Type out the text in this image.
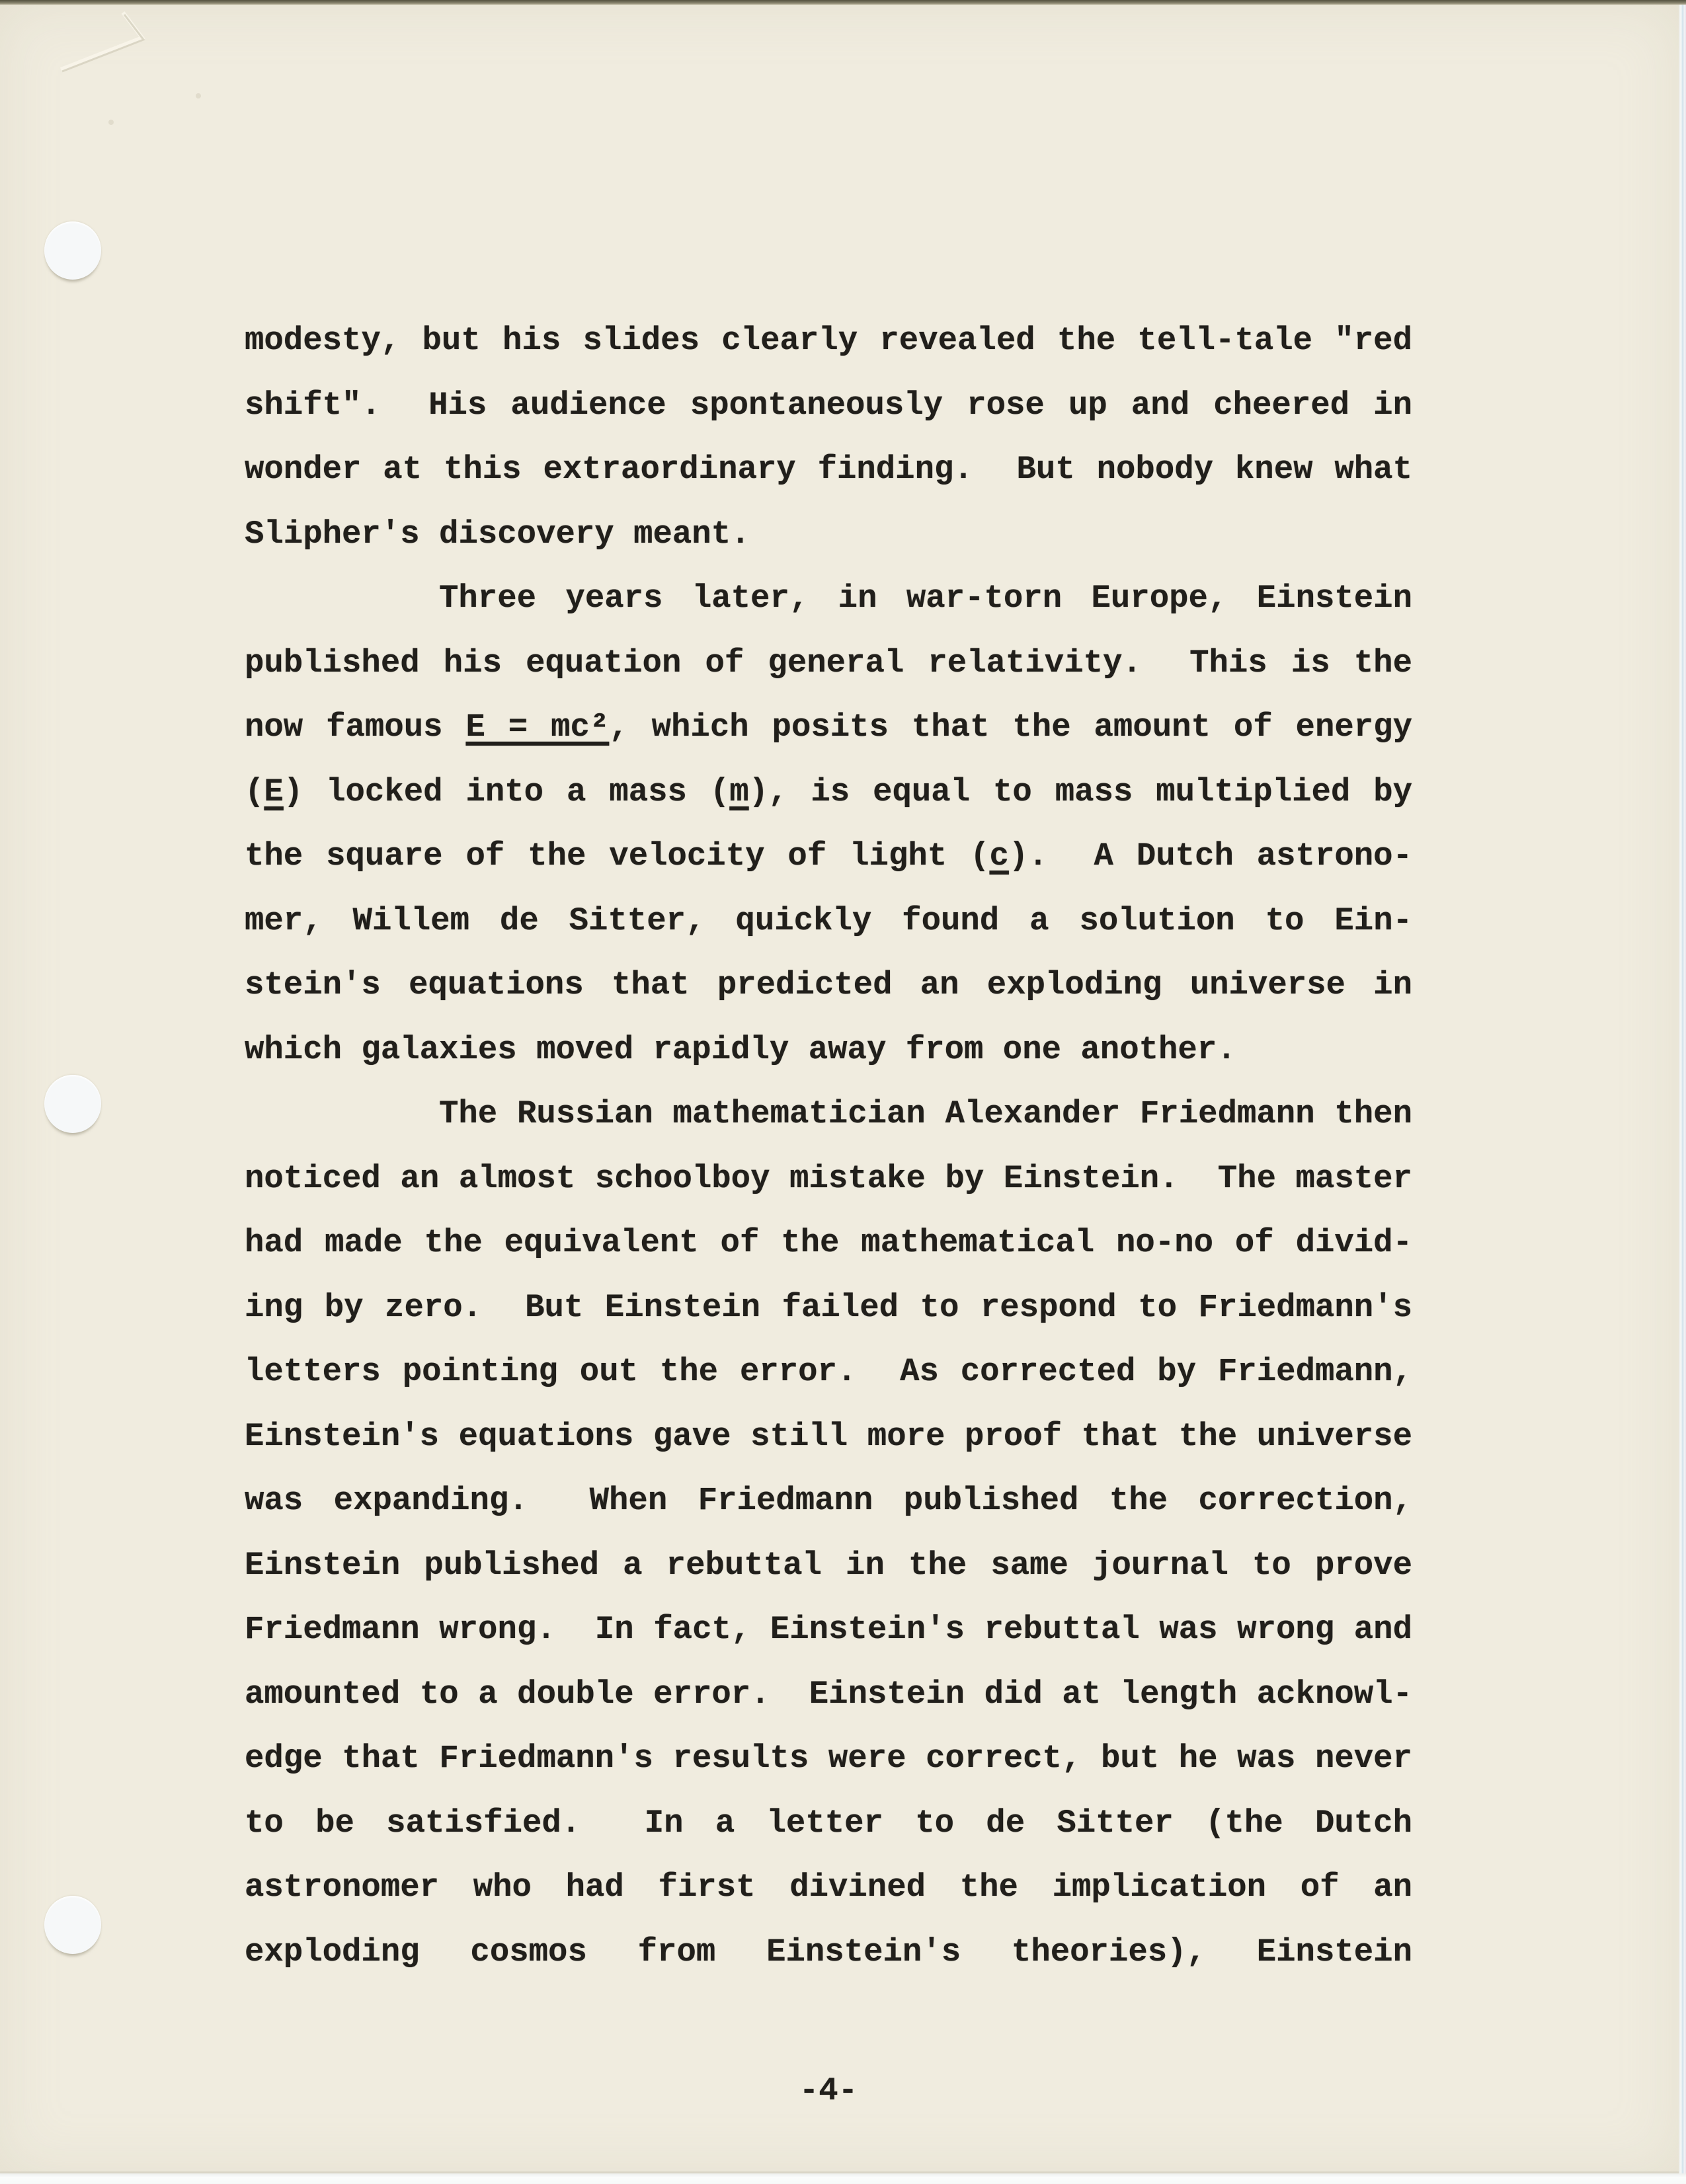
modesty, but his slides clearly revealed the tell-tale "red
shift".  His audience spontaneously rose up and cheered in
wonder at this extraordinary finding.  But nobody knew what
Slipher's discovery meant.
Three years later, in war-torn Europe, Einstein
published his equation of general relativity.  This is the
now famous E = mc², which posits that the amount of energy
(E) locked into a mass (m), is equal to mass multiplied by
the square of the velocity of light (c).  A Dutch astrono-
mer, Willem de Sitter, quickly found a solution to Ein-
stein's equations that predicted an exploding universe in
which galaxies moved rapidly away from one another.
The Russian mathematician Alexander Friedmann then
noticed an almost schoolboy mistake by Einstein.  The master
had made the equivalent of the mathematical no-no of divid-
ing by zero.  But Einstein failed to respond to Friedmann's
letters pointing out the error.  As corrected by Friedmann,
Einstein's equations gave still more proof that the universe
was expanding.  When Friedmann published the correction,
Einstein published a rebuttal in the same journal to prove
Friedmann wrong.  In fact, Einstein's rebuttal was wrong and
amounted to a double error.  Einstein did at length acknowl-
edge that Friedmann's results were correct, but he was never
to be satisfied.  In a letter to de Sitter (the Dutch
astronomer who had first divined the implication of an
exploding cosmos from Einstein's theories), Einstein
-4-
